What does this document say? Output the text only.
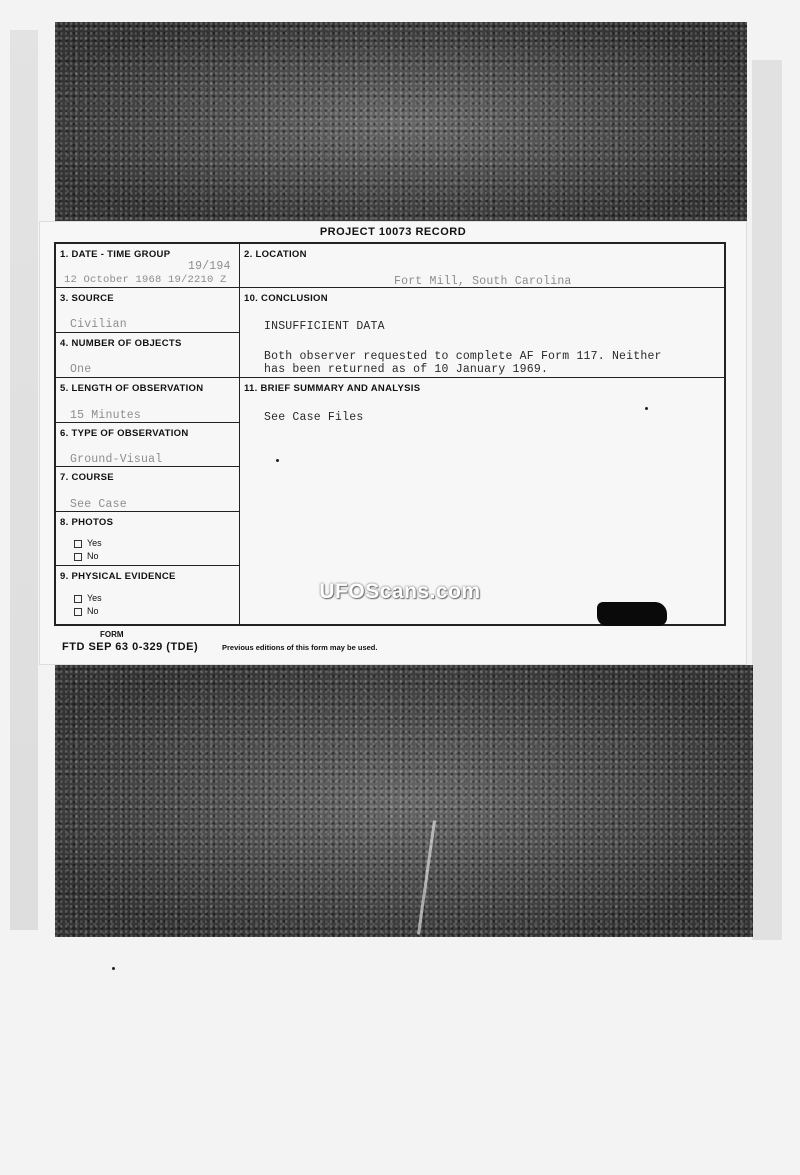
PROJECT 10073 RECORD
1. DATE - TIME GROUP
19/194
12 October 1968 19/2210 Z
2. LOCATION
Fort Mill, South Carolina
3. SOURCE
Civilian
4. NUMBER OF OBJECTS
One
5. LENGTH OF OBSERVATION
15 Minutes
6. TYPE OF OBSERVATION
Ground-Visual
7. COURSE
See Case
8. PHOTOS
Yes
No
9. PHYSICAL EVIDENCE
Yes
No
10. CONCLUSION
INSUFFICIENT DATA
Both observer requested to complete AF Form 117. Neither
has been returned as of 10 January 1969.
11. BRIEF SUMMARY AND ANALYSIS
See Case Files
FORM
FTD SEP 63 0-329 (TDE)	Previous editions of this form may be used.
UFOScans.com
